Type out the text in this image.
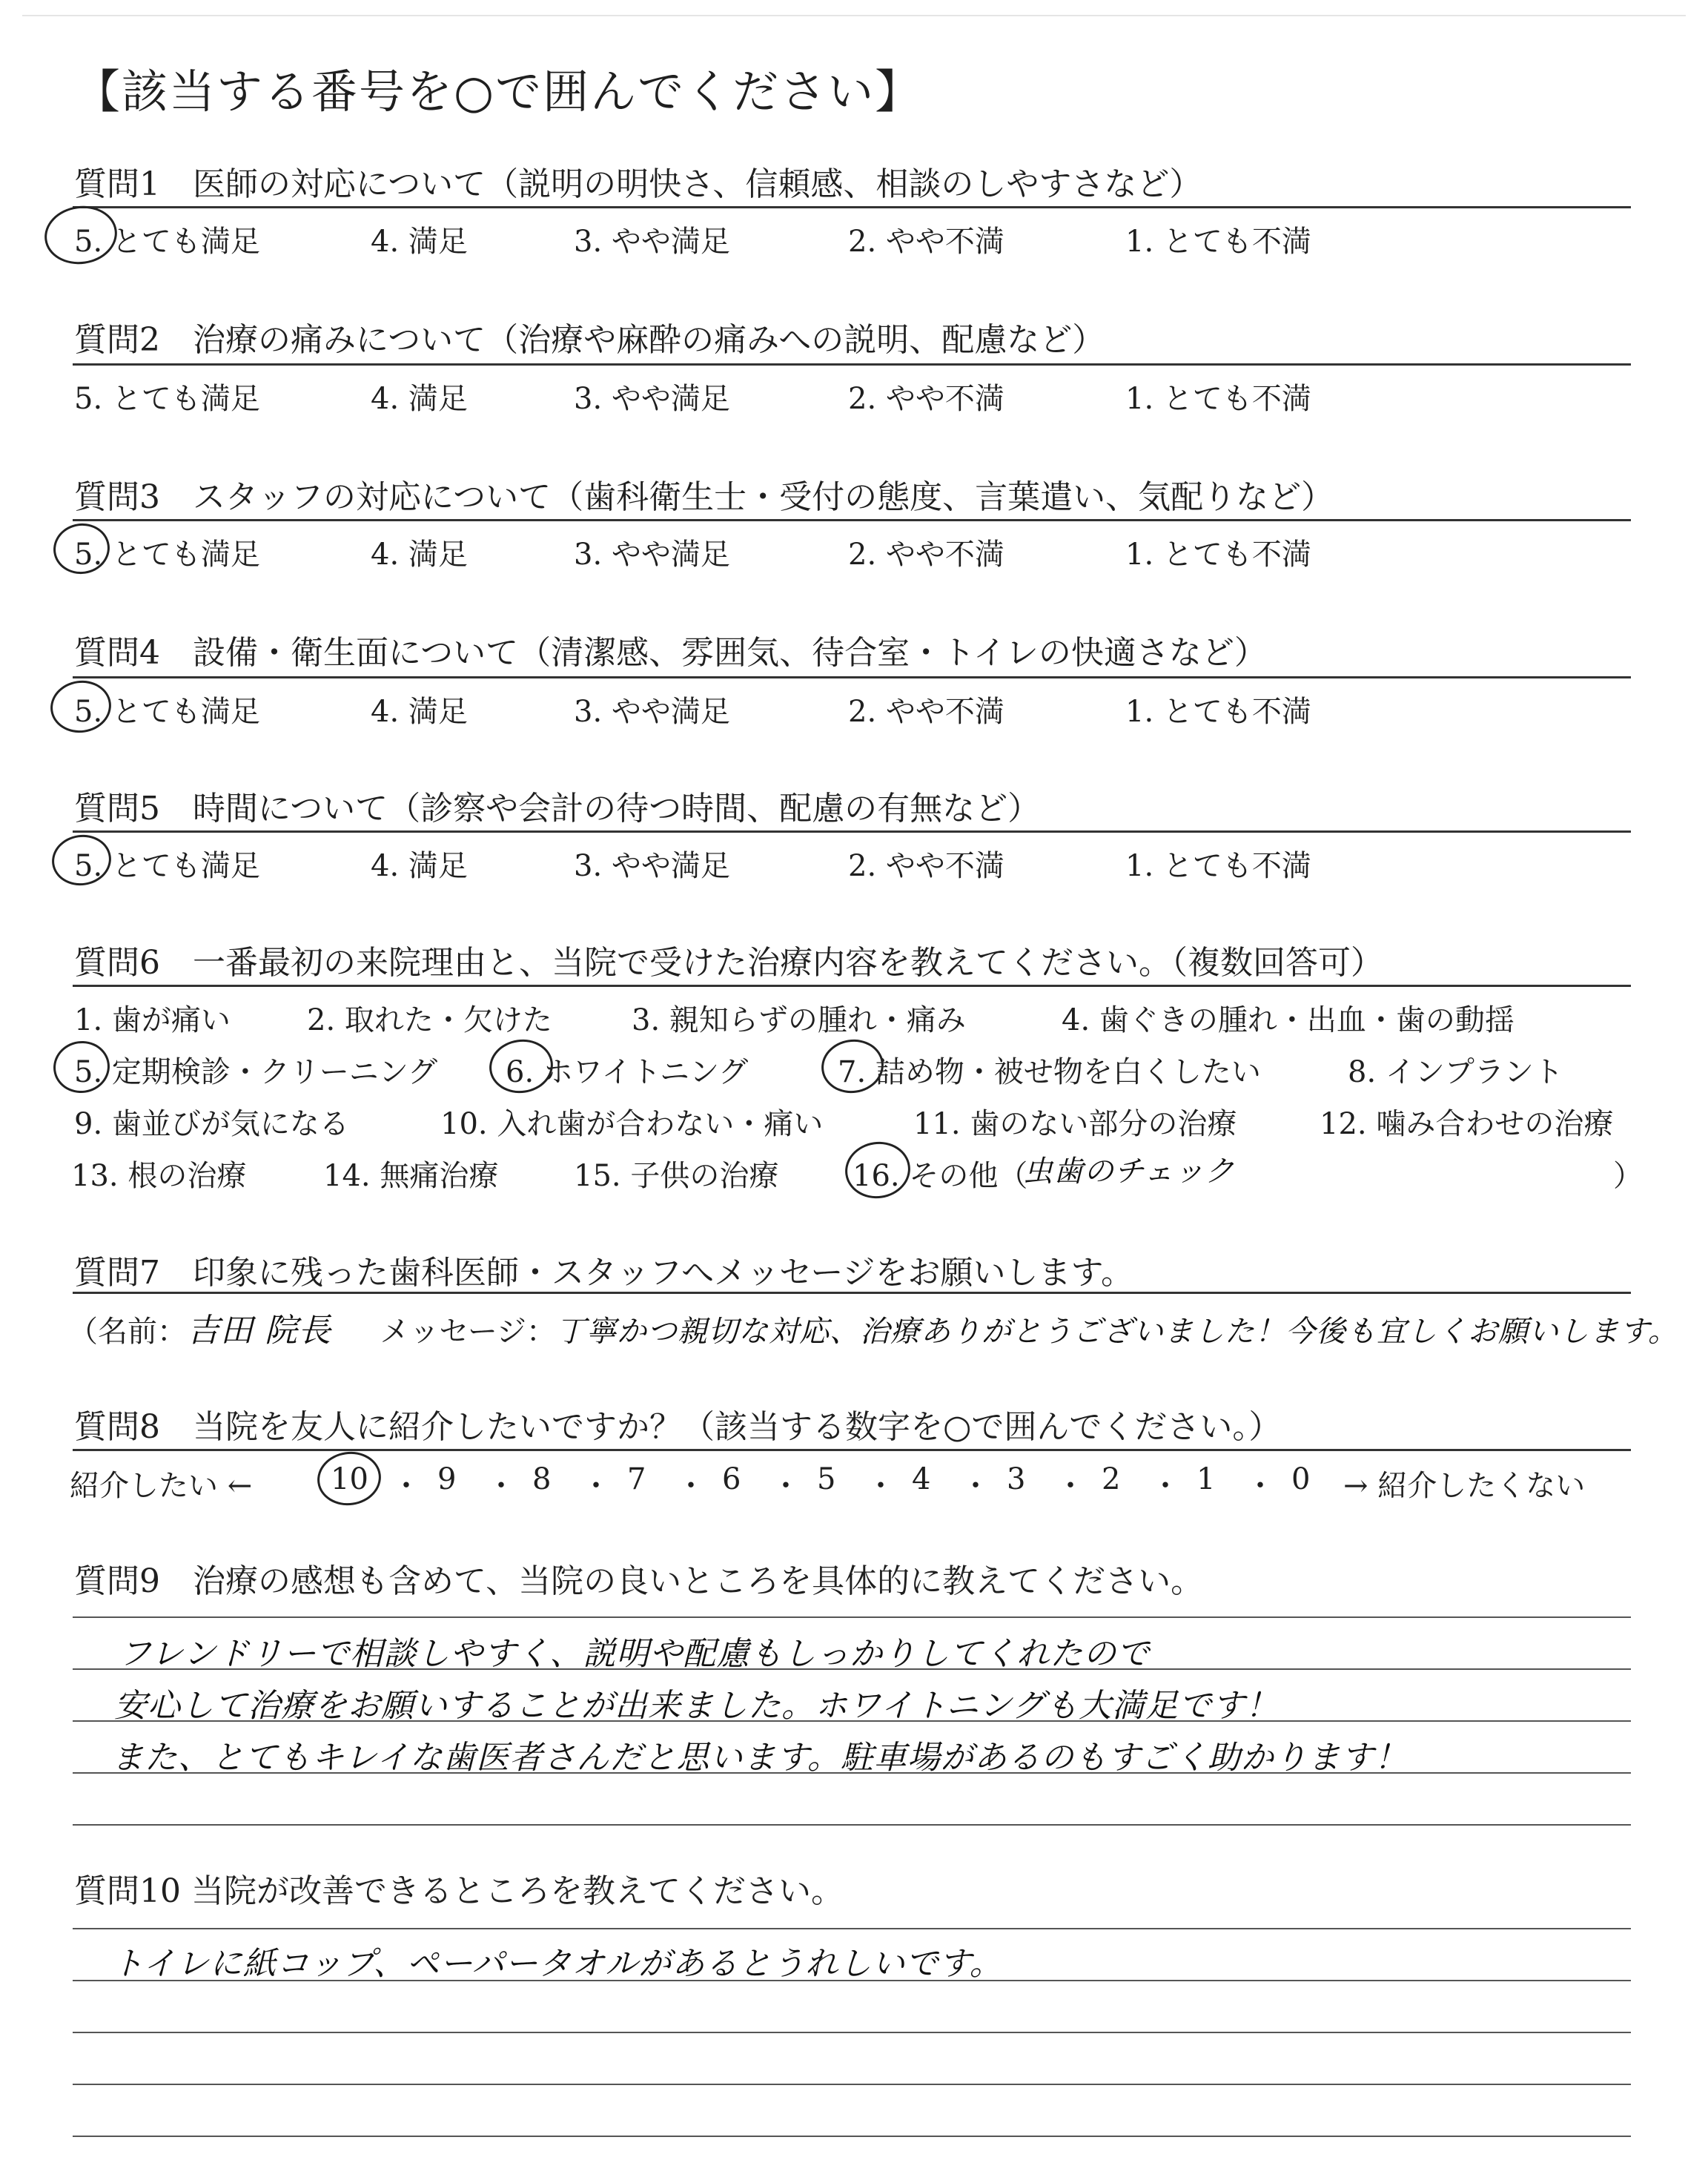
【該当する番号を○で囲んでください】
質問1　医師の対応について（説明の明快さ、信頼感、相談のしやすさなど）
5. とても満足	4. 満足	3. やや満足	2. やや不満	1. とても不満
質問2　治療の痛みについて（治療や麻酔の痛みへの説明、配慮など）
5. とても満足	4. 満足	3. やや満足	2. やや不満	1. とても不満
質問3　スタッフの対応について（歯科衛生士・受付の態度、言葉遣い、気配りなど）
5. とても満足	4. 満足	3. やや満足	2. やや不満	1. とても不満
質問4　設備・衛生面について（清潔感、雰囲気、待合室・トイレの快適さなど）
5. とても満足	4. 満足	3. やや満足	2. やや不満	1. とても不満
質問5　時間について（診察や会計の待つ時間、配慮の有無など）
5. とても満足	4. 満足	3. やや満足	2. やや不満	1. とても不満
質問6　一番最初の来院理由と、当院で受けた治療内容を教えてください。（複数回答可）
1. 歯が痛い	2. 取れた・欠けた	3. 親知らずの腫れ・痛み	4. 歯ぐきの腫れ・出血・歯の動揺
5. 定期検診・クリーニング 6. ホワイトニング	7. 詰め物・被せ物を白くしたい	8. インプラント
9. 歯並びが気になる	10. 入れ歯が合わない・痛い	11. 歯のない部分の治療	12. 噛み合わせの治療
13. 根の治療	14. 無痛治療	15. 子供の治療 16. その他（
虫歯のチェック	）
質問7　印象に残った歯科医師・スタッフへメッセージをお願いします。
（名前：吉田 院長 メッセージ：丁寧かつ親切な対応、治療ありがとうございました！今後も宜しくお願いします。
質問8　当院を友人に紹介したいですか？（該当する数字を○で囲んでください。）
紹介したい ←	→ 紹介したくない
10 9	8	7	6	5	4	3	2	1	0
・ ・ ・ ・ ・ ・ ・ ・ ・ ・
質問9　治療の感想も含めて、当院の良いところを具体的に教えてください。
フレンドリーで相談しやすく、説明や配慮もしっかりしてくれたので
安心して治療をお願いすることが出来ました。ホワイトニングも大満足です！
また、とてもキレイな歯医者さんだと思います。駐車場があるのもすごく助かります！
質問10 当院が改善できるところを教えてください。
トイレに紙コップ、ペーパータオルがあるとうれしいです。
